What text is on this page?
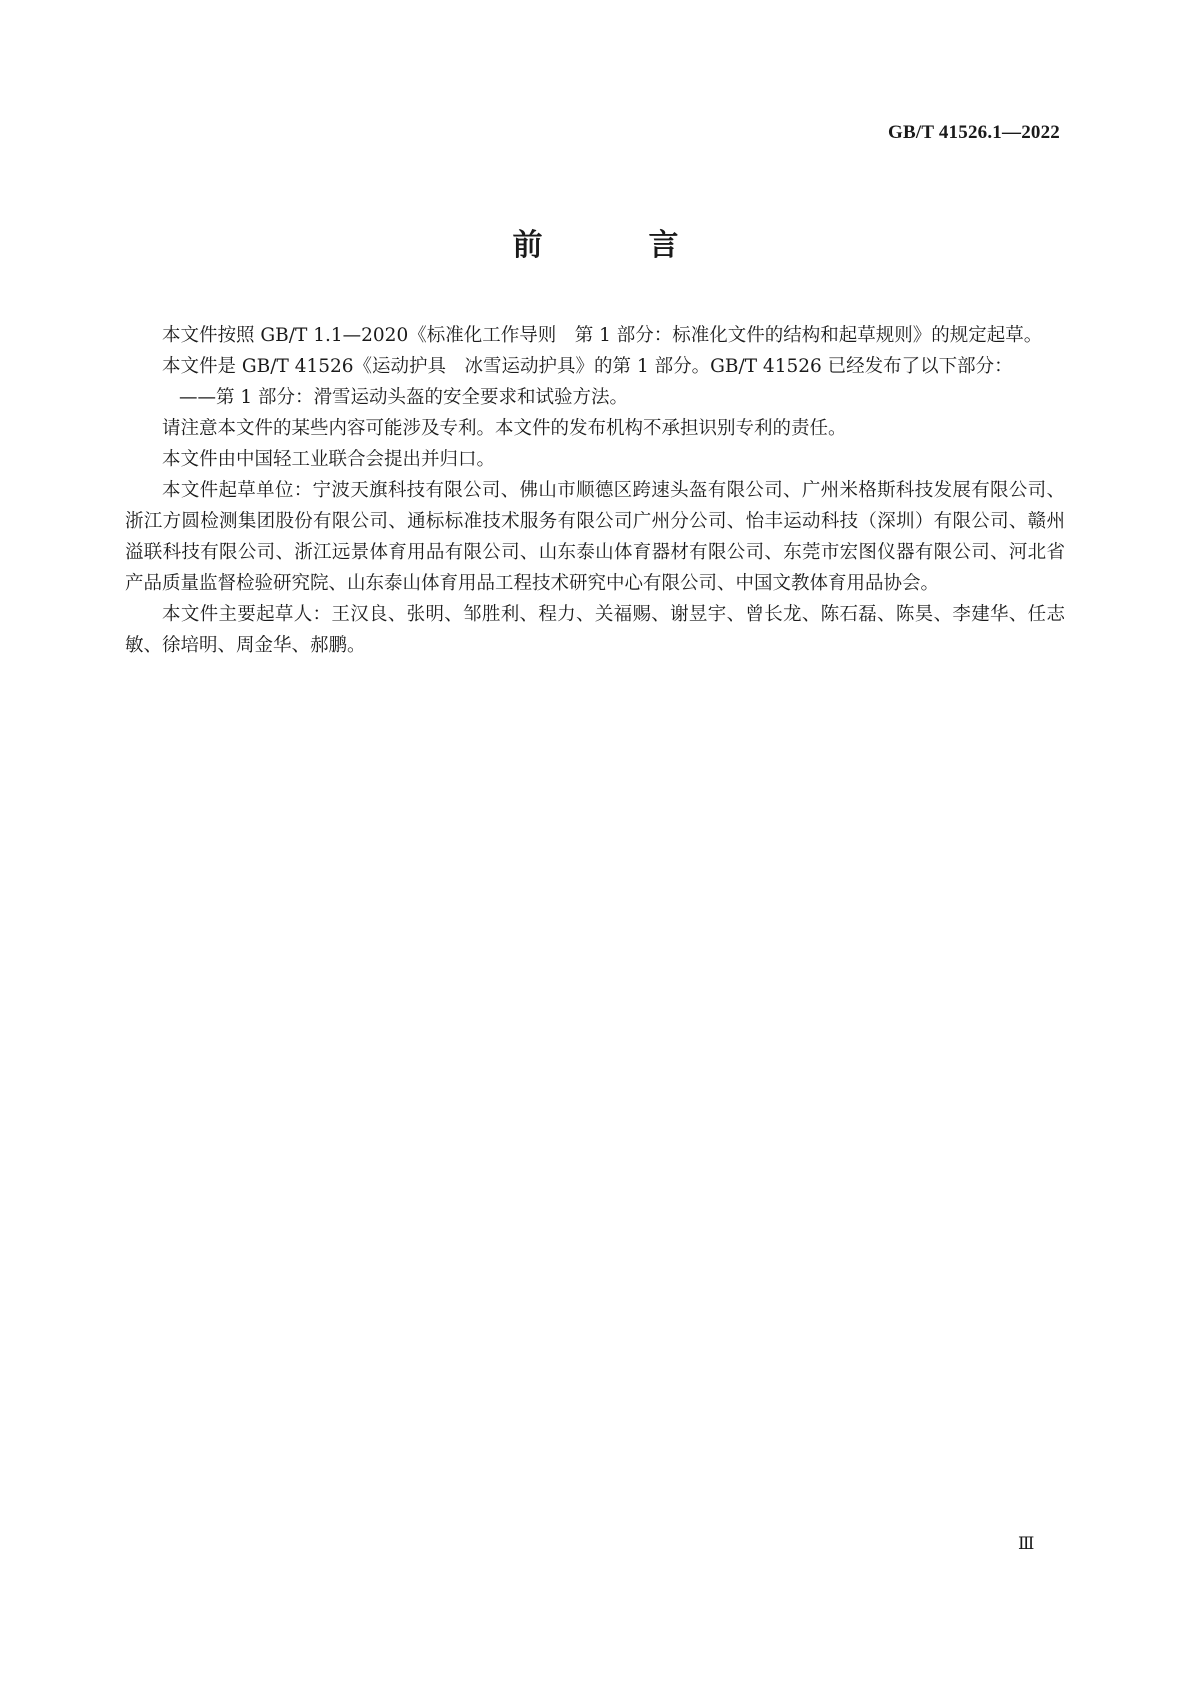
GB/T 41526.1—2022
前　言

本文件按照 GB/T 1.1—2020《标准化工作导则　第 1 部分：标准化文件的结构和起草规则》的规定起草。

本文件是 GB/T 41526《运动护具　冰雪运动护具》的第 1 部分。GB/T 41526 已经发布了以下部分：

——第 1 部分：滑雪运动头盔的安全要求和试验方法。

请注意本文件的某些内容可能涉及专利。本文件的发布机构不承担识别专利的责任。

本文件由中国轻工业联合会提出并归口。

本文件起草单位：宁波天旗科技有限公司、佛山市顺德区跨速头盔有限公司、广州米格斯科技发展有限公司、浙江方圆检测集团股份有限公司、通标标准技术服务有限公司广州分公司、怡丰运动科技（深圳）有限公司、赣州溢联科技有限公司、浙江远景体育用品有限公司、山东泰山体育器材有限公司、东莞市宏图仪器有限公司、河北省产品质量监督检验研究院、山东泰山体育用品工程技术研究中心有限公司、中国文教体育用品协会。

本文件主要起草人：王汉良、张明、邹胜利、程力、关福赐、谢昱宇、曾长龙、陈石磊、陈昊、李建华、任志敏、徐培明、周金华、郝鹏。

Ⅲ
